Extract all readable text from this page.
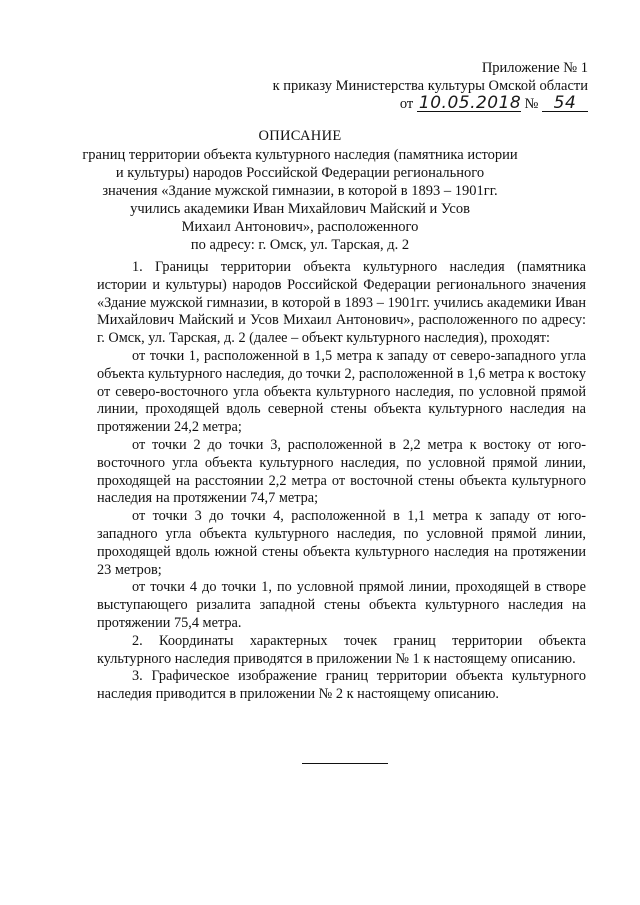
Приложение № 1
к приказу Министерства культуры Омской области
от 10.05.2018 № 54
ОПИСАНИЕ
границ территории объекта культурного наследия (памятника истории
и культуры) народов Российской Федерации регионального
значения «Здание мужской гимназии, в которой в 1893 – 1901гг.
учились академики Иван Михайлович Майский и Усов
Михаил Антонович», расположенного
по адресу: г. Омск, ул. Тарская, д. 2

1. Границы территории объекта культурного наследия (памятника истории и культуры) народов Российской Федерации регионального значения «Здание мужской гимназии, в которой в 1893 – 1901гг. учились академики Иван Михайлович Майский и Усов Михаил Антонович», расположенного по адресу: г. Омск, ул. Тарская, д. 2 (далее – объект культурного наследия), проходят:

от точки 1, расположенной в 1,5 метра к западу от северо-западного угла объекта культурного наследия, до точки 2, расположенной в 1,6 метра к востоку от северо-восточного угла объекта культурного наследия, по условной прямой линии, проходящей вдоль северной стены объекта культурного наследия на протяжении 24,2 метра;

от точки 2 до точки 3, расположенной в 2,2 метра к востоку от юго-восточного угла объекта культурного наследия, по условной прямой линии, проходящей на расстоянии 2,2 метра от восточной стены объекта культурного наследия на протяжении 74,7 метра;

от точки 3 до точки 4, расположенной в 1,1 метра к западу от юго-западного угла объекта культурного наследия, по условной прямой линии, проходящей вдоль южной стены объекта культурного наследия на протяжении 23 метров;

от точки 4 до точки 1, по условной прямой линии, проходящей в створе выступающего ризалита западной стены объекта культурного наследия на протяжении 75,4 метра.

2. Координаты характерных точек границ территории объекта культурного наследия приводятся в приложении № 1 к настоящему описанию.

3. Графическое изображение границ территории объекта культурного наследия приводится в приложении № 2 к настоящему описанию.
